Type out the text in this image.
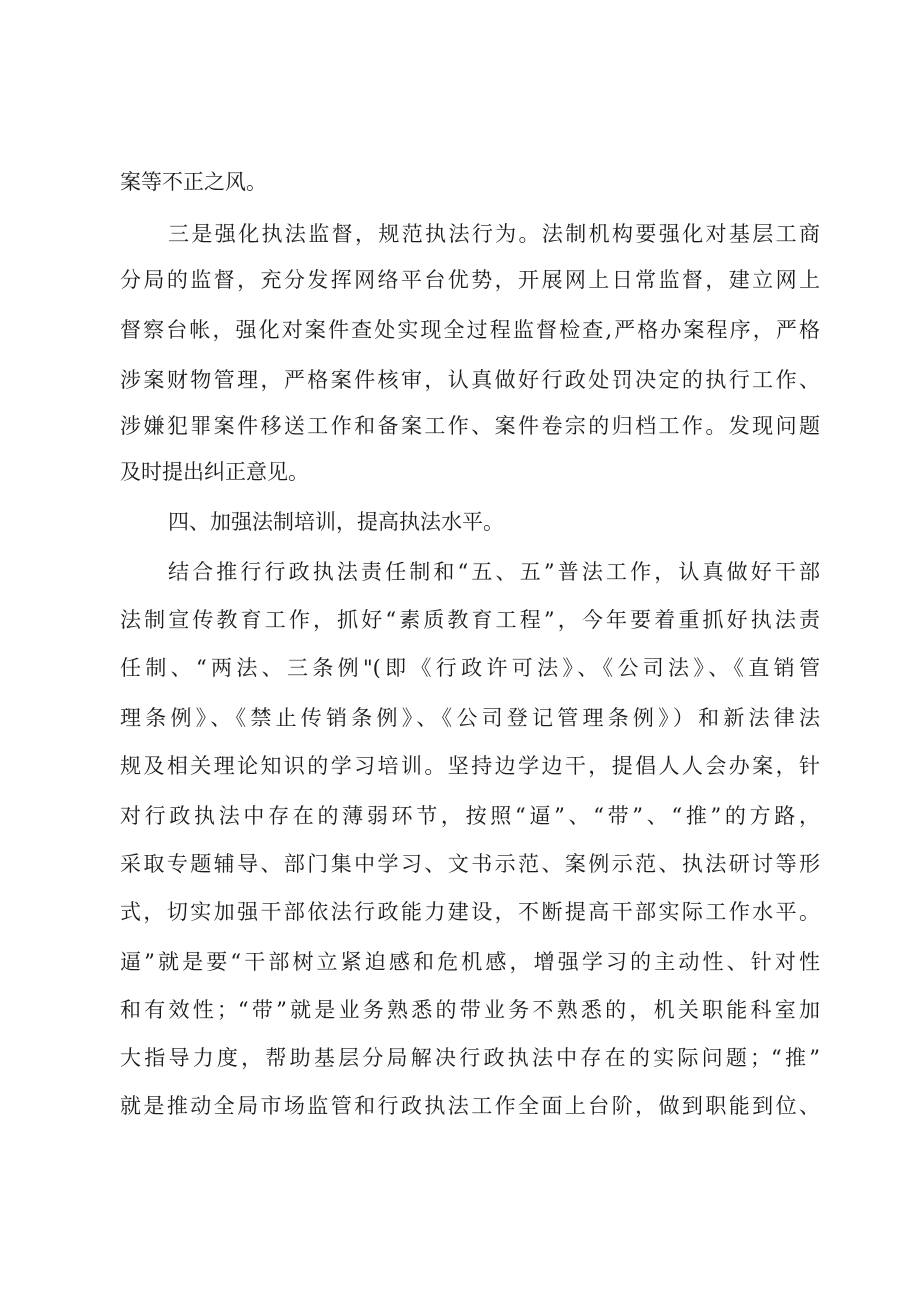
案等不正之风。

三是强化执法监督，规范执法行为。法制机构要强化对基层工商

分局的监督，充分发挥网络平台优势，开展网上日常监督，建立网上

督察台帐，强化对案件查处实现全过程监督检查,严格办案程序，严格

涉案财物管理，严格案件核审，认真做好行政处罚决定的执行工作、

涉嫌犯罪案件移送工作和备案工作、案件卷宗的归档工作。发现问题

及时提出纠正意见。

四、加强法制培训，提高执法水平。

结合推行行政执法责任制和“五、五”普法工作，认真做好干部

法制宣传教育工作，抓好“素质教育工程”，今年要着重抓好执法责

任制、“两法、三条例"(即《行政许可法》、《公司法》、《直销管

理条例》、《禁止传销条例》、《公司登记管理条例》）和新法律法

规及相关理论知识的学习培训。坚持边学边干，提倡人人会办案，针

对行政执法中存在的薄弱环节，按照“逼”、“带”、“推”的方路，

采取专题辅导、部门集中学习、文书示范、案例示范、执法研讨等形

式，切实加强干部依法行政能力建设，不断提高干部实际工作水平。

逼”就是要“干部树立紧迫感和危机感，增强学习的主动性、针对性

和有效性；“带”就是业务熟悉的带业务不熟悉的，机关职能科室加

大指导力度，帮助基层分局解决行政执法中存在的实际问题；“推”

就是推动全局市场监管和行政执法工作全面上台阶，做到职能到位、
